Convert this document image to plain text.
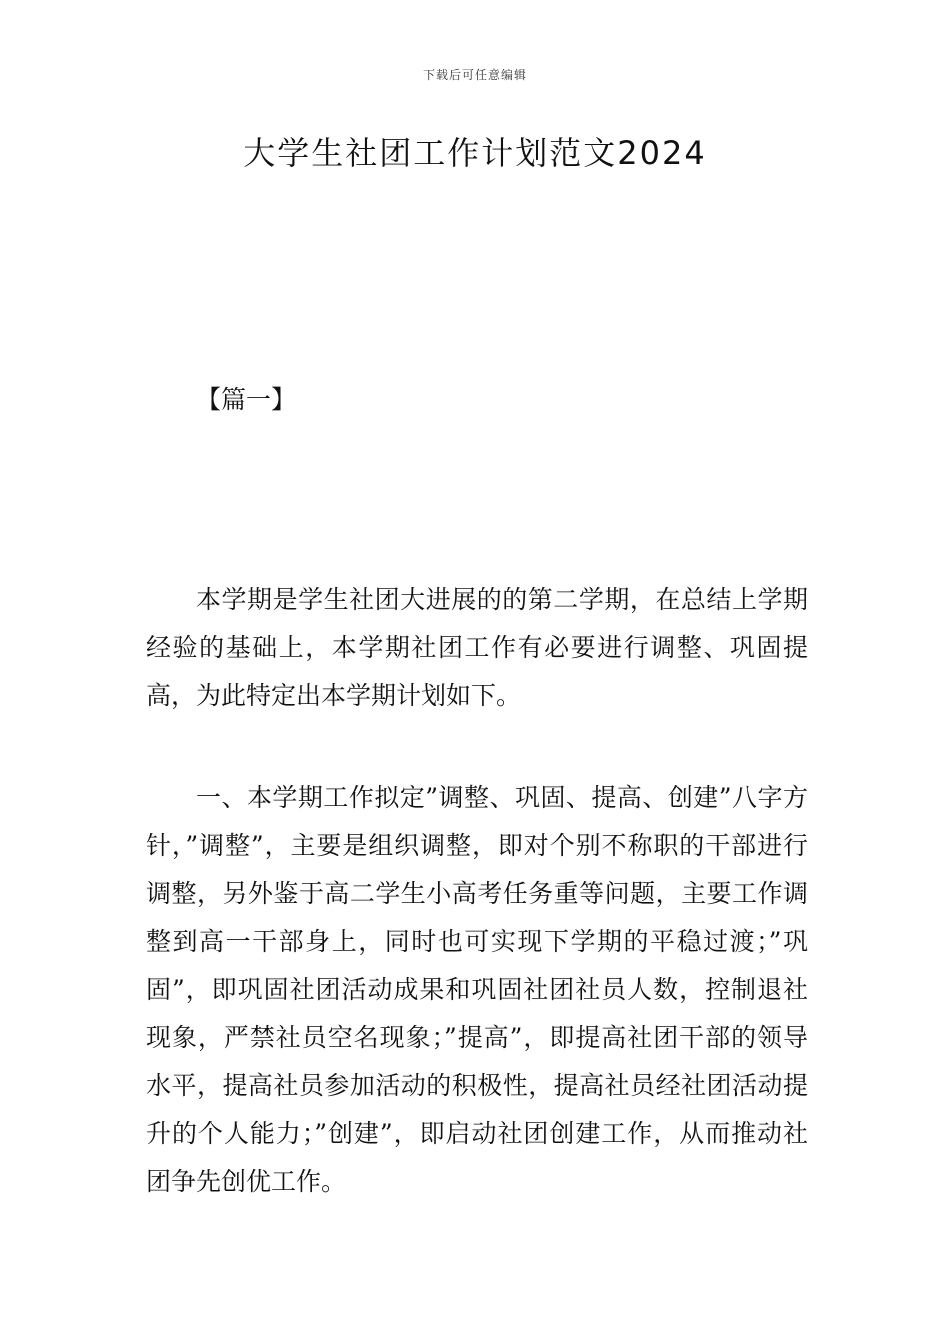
下载后可任意编辑
大学生社团工作计划范文2024
【篇一】

本学期是学生社团大进展的的第二学期，在总结上学期经验的基础上，本学期社团工作有必要进行调整、巩固提高，为此特定出本学期计划如下。

一、本学期工作拟定”调整、巩固、提高、创建”八字方针，”调整”，主要是组织调整，即对个别不称职的干部进行调整，另外鉴于高二学生小高考任务重等问题，主要工作调整到高一干部身上，同时也可实现下学期的平稳过渡；”巩固”，即巩固社团活动成果和巩固社团社员人数，控制退社现象，严禁社员空名现象；”提高”，即提高社团干部的领导水平，提高社员参加活动的积极性，提高社员经社团活动提升的个人能力；”创建”，即启动社团创建工作，从而推动社团争先创优工作。
